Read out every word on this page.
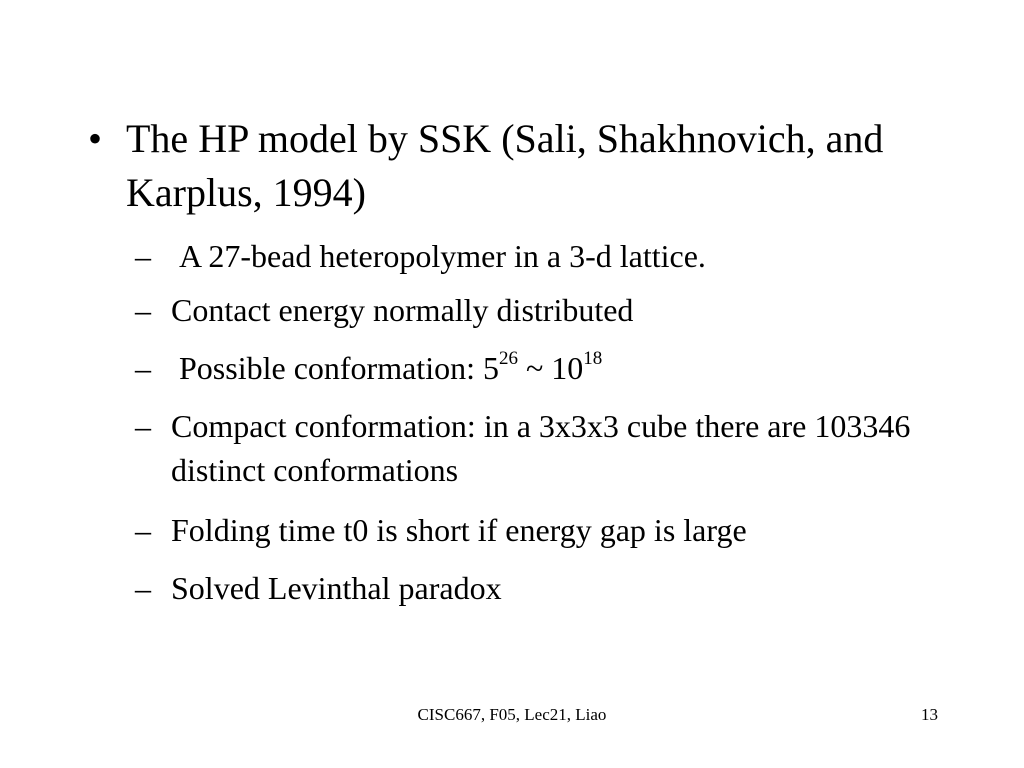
• The HP model by SSK (Sali, Shakhnovich, and Karplus, 1994)
– A 27-bead heteropolymer in a 3-d lattice.
– Contact energy normally distributed
– Possible conformation: $5^{26}$ ~ $10^{18}$
– Compact conformation: in a 3x3x3 cube there are 103346 distinct conformations
– Folding time t0 is short if energy gap is large
– Solved Levinthal paradox
CISC667, F05, Lec21, Liao	13
